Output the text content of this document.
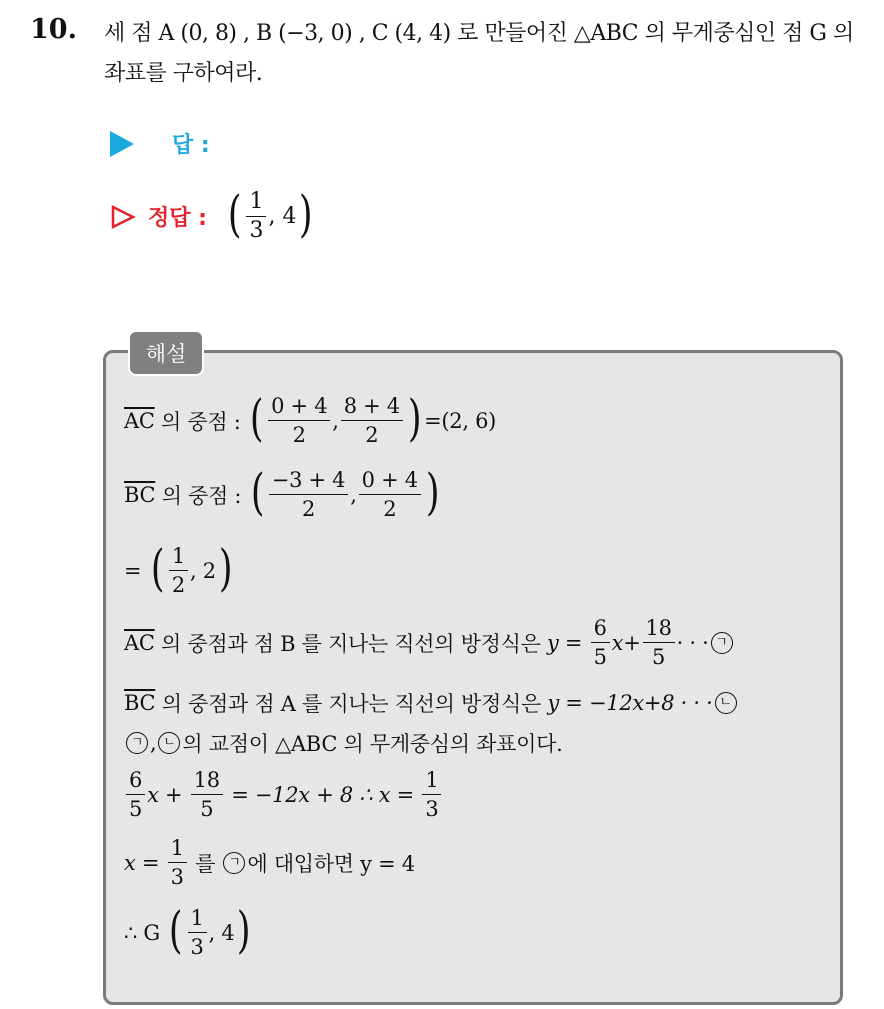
10. 세 점 A (0, 8) , B (−3, 0) , C (4, 4) 로 만들어진 △ABC 의 무게중심인 점 G 의 좌표를 구하여라.
답 :
정답 : ( $\frac{1}{3}$ , 4 )
해설
$\overline{AC}$
의 중점 :
( $\frac{0 + 4}{2}$ , $\frac{8 + 4}{2}$ ) =(2, 6)
$\overline{BC}$
의 중점 :
( $\frac{-3 + 4}{2}$ , $\frac{0 + 4}{2}$ )
=
( $\frac{1}{2}$ , 2 )
$\overline{AC}$
의 중점과 점 B 를 지나는 직선의 방정식은
y =
$\frac{6}{5} x+ \frac{18}{5}$ · · · ㄱ
$\overline{BC}$
의 중점과 점 A 를 지나는 직선의 방정식은
y = −12x+8 · · · ㄴ
ㄱ , ㄴ 의 교점이 △ABC 의 무게중심의 좌표이다.
$\frac{6}{5}$ x +
$\frac{18}{5}$
= −12x + 8 ∴ x =
$\frac{1}{3}$
x =
$\frac{1}{3}$
를
	ㄱ 에 대입하면 y = 4
∴ G
( $\frac{1}{3}$ , 4 )
